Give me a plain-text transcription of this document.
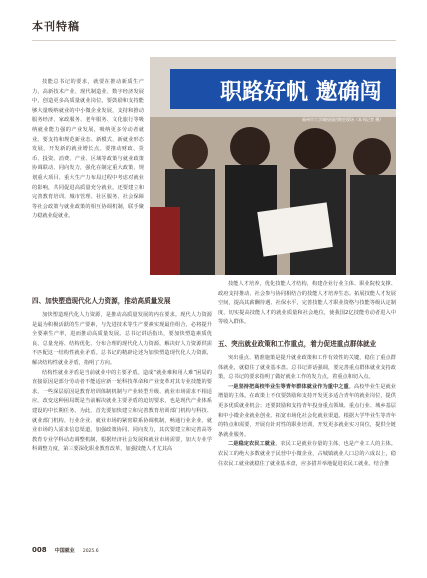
本刊特稿

技能总书记的要求，就要在推动新质生产力、高新技术产业、现代制造业、数字经济发展中，创造更多高质量就业岗位。要鼓励和支持能够大量吸纳就业的中小微企业发展，支持和推动服务经济、家政服务、老年服务、文化旅行等吸纳就业能力强的产业发展，吸纳更多劳动者就业。要支持和规范新业态、新模式、新就业形态发展，开发新的就业增长点。要推动财政、货币、投资、消费、产业、区域等政策与就业政策协调联动、同向发力，强化在制定重大政策、规划重大项目、重大生产力布局过程中考虑对就业的影响，共同促进高质量充分就业。还要建立和完善教育培训、城市管理、社区服务、社会保障等社会政策与就业政策的相互协调机制，联手聚力稳就业促就业。

职路好帆 邀确闯
福州市大学城校园招聘会现场（本刊记者 摄）
四、加快塑造现代化人力资源，推动高质量发展

加快塑造现代化人力资源，是推动高质量发展的内在要求。现代人力资源是最为积极活跃的生产要素，与先进技术等生产要素实现最佳组合，必将提升全要素生产率，进而推动高质量发展。总书记讲话指出，要加快塑造素质优良、总量充裕、结构优化、分布合理的现代化人力资源，解决好人力资源供需不匹配这一结构性就业矛盾。总书记的精辟论述为加快塑造现代化人力资源，解决结构性就业矛盾，指明了方向。

结构性就业矛盾是当前就业中的主要矛盾。造成“就业难和用人难”困局的直接原因是部分劳动者不能适应新一轮科技革命和产业变革对其专业技能的要求，一些深层原因是教育培训体制机制与产业转型升级、就业市场需求不相适应。改变这种困局既是当前解决就业主要矛盾的迫切要求，也是现代产业体系建设的中长期任务。为此，首先要加快建立和完善教育培训部门机构与科技、就业部门机构、行业企业、就业市场的紧密联系协调机制，畅通行业企业、就业市场的人需求信息渠道，加强政策协同、同向发力，其次要建立和完善高等教育专业学科动态调整机制，根据经济社会发展和就业市场需要，加大专业学科调整力度，第三要深化职业教育改革，加强技能人才尤其高

技能人才培养，优化技能人才结构，构建企业行业主体、职业院校支撑、政府支持推动、社会参与协同相结合的技能人才培养生态。拓展技能人才发展空间，提高其薪酬待遇、社保水平，完善技能人才职业资格与技能等级认定制度，切实提高技能人才的就业质量和社会地位，使我国2亿技能劳动者进入中等收入群体。

五、突出就业政策和工作重点，着力促进重点群体就业

突出重点、精准施策是提升就业政策和工作有效性的关键，稳住了重点群体就业，就稳住了就业基本盘。总书记讲话强调，要完善重点群体就业支持政策。总书记的要求指明了做好就业工作的发力点，着重点和切入点。

一是坚持把高校毕业生等青年群体就业作为重中之重。高校毕业生是就业增量的主体。在政策上不仅要鼓励和支持开发更多适合青年的就业岗位，提供更多优质就业机会；还要鼓励和支持青年投身重点领域、重点行业、城乡基层和中小微企业就业创业。拓宽市场化社会化就业渠道。根据大学毕业生等青年的特点和需要，开展有针对性的职业培训，开发更多就业实习岗位，提供全链条就业服务。

二是稳定农民工就业。农民工是就业存量的主体，也是产业工人的主体。农民工的绝大多数就业于民营中小微企业，占城镇就业人口总的六成以上，稳住农民工就业就稳住了就业基本盘，应多措并举地促进农民工就业。结合推

008 中国就业 2025.6
